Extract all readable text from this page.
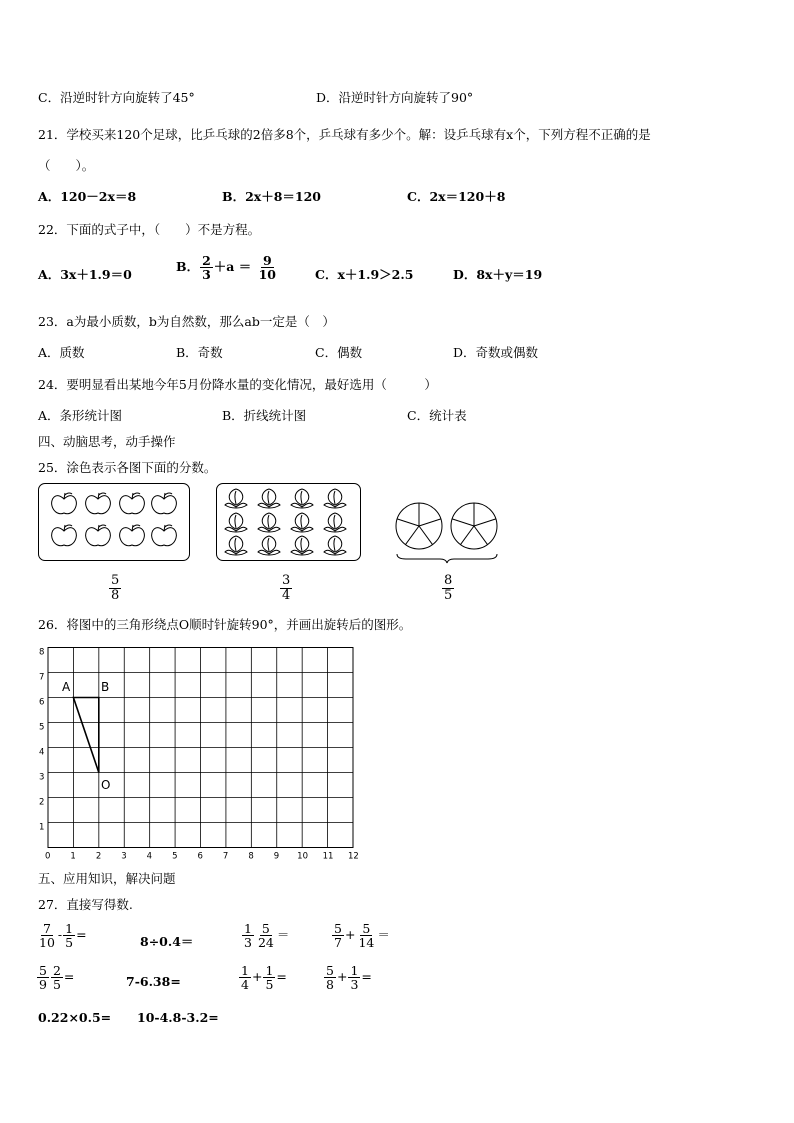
C．沿逆时针方向旋转了45°	D．沿逆时针方向旋转了90°
21．学校买来120个足球，比乒乓球的2倍多8个，乒乓球有多少个。解：设乒乓球有x个，下列方程不正确的是
（　　）。
A．120－2x＝8	B．2x＋8＝120	C．2x＝120＋8
22．下面的式子中，（　　）不是方程。
A．3x＋1.9＝0
B． $\frac{2}{3} +a = \frac{9}{10}$	C．x＋1.9＞2.5	D．8x＋y＝19
23．a为最小质数，b为自然数，那么ab一定是（　）
A．质数	B．奇数	C．偶数	D．奇数或偶数
24．要明显看出某地今年5月份降水量的变化情况，最好选用（　　　）
A．条形统计图	B．折线统计图	C．统计表
四、动脑思考，动手操作
25．涂色表示各图下面的分数。
$\frac{5}{8}$	$\frac{3}{4}$	$\frac{8}{5}$
26．将图中的三角形绕点O顺时针旋转90°，并画出旋转后的图形。
0 1 2 3 4 5 6 7 8 9 10 11 12
1
2
3
4
5
6
7
8
A	B
O
五、应用知识，解决问题
27．直接写得数.
$\frac{7}{10} - \frac{1}{5}$ =	8÷0.4＝	$\frac{1}{3} \frac{5}{24}$ ＝	$\frac{5}{7} + \frac{5}{14}$ ＝
$\frac{5}{9} \frac{2}{5}$ =	7-6.38=	$\frac{1}{4} + \frac{1}{5}$ =	$\frac{5}{8} + \frac{1}{3}$ =
0.22×0.5= 10-4.8-3.2=
